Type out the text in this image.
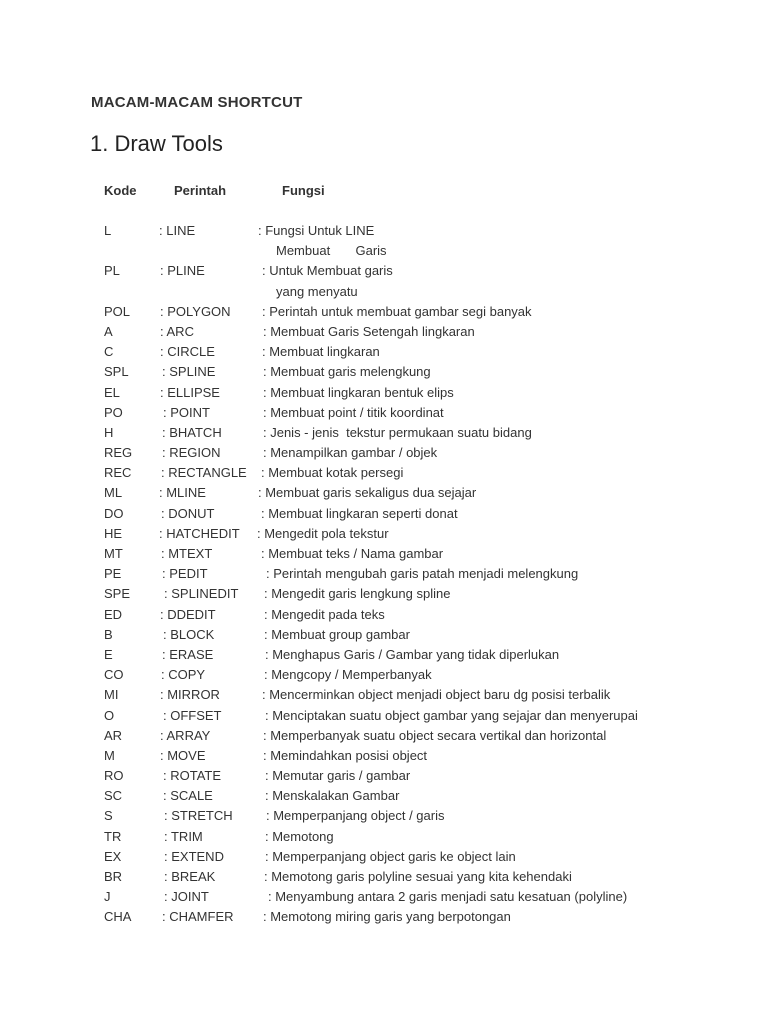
MACAM-MACAM SHORTCUT
1. Draw Tools
Kode	Perintah	Fungsi
L	: LINE	: Fungsi Untuk LINE
Membuat       Garis
PL	: PLINE	: Untuk Membuat garis
yang menyatu
POL : POLYGON : Perintah untuk membuat gambar segi banyak
A	: ARC	: Membuat Garis Setengah lingkaran
C	: CIRCLE	: Membuat lingkaran
SPL	: SPLINE	: Membuat garis melengkung
EL	: ELLIPSE	: Membuat lingkaran bentuk elips
PO	: POINT	: Membuat point / titik koordinat
H	: BHATCH	: Jenis - jenis  tekstur permukaan suatu bidang
REG : REGION	: Menampilkan gambar / objek
REC : RECTANGLE : Membuat kotak persegi
ML	: MLINE	: Membuat garis sekaligus dua sejajar
DO	: DONUT	: Membuat lingkaran seperti donat
HE	: HATCHEDIT : Mengedit pola tekstur
MT	: MTEXT	: Membuat teks / Nama gambar
PE	: PEDIT	: Perintah mengubah garis patah menjadi melengkung
SPE	: SPLINEDIT : Mengedit garis lengkung spline
ED	: DDEDIT	: Mengedit pada teks
B	: BLOCK	: Membuat group gambar
E	: ERASE	: Menghapus Garis / Gambar yang tidak diperlukan
CO	: COPY	: Mengcopy / Memperbanyak
MI	: MIRROR	: Mencerminkan object menjadi object baru dg posisi terbalik
O	: OFFSET	: Menciptakan suatu object gambar yang sejajar dan menyerupai
AR	: ARRAY	: Memperbanyak suatu object secara vertikal dan horizontal
M	: MOVE	: Memindahkan posisi object
RO	: ROTATE	: Memutar garis / gambar
SC	: SCALE	: Menskalakan Gambar
S	: STRETCH	: Memperpanjang object / garis
TR	: TRIM	: Memotong
EX	: EXTEND	: Memperpanjang object garis ke object lain
BR	: BREAK	: Memotong garis polyline sesuai yang kita kehendaki
J	: JOINT	: Menyambung antara 2 garis menjadi satu kesatuan (polyline)
CHA : CHAMFER : Memotong miring garis yang berpotongan
